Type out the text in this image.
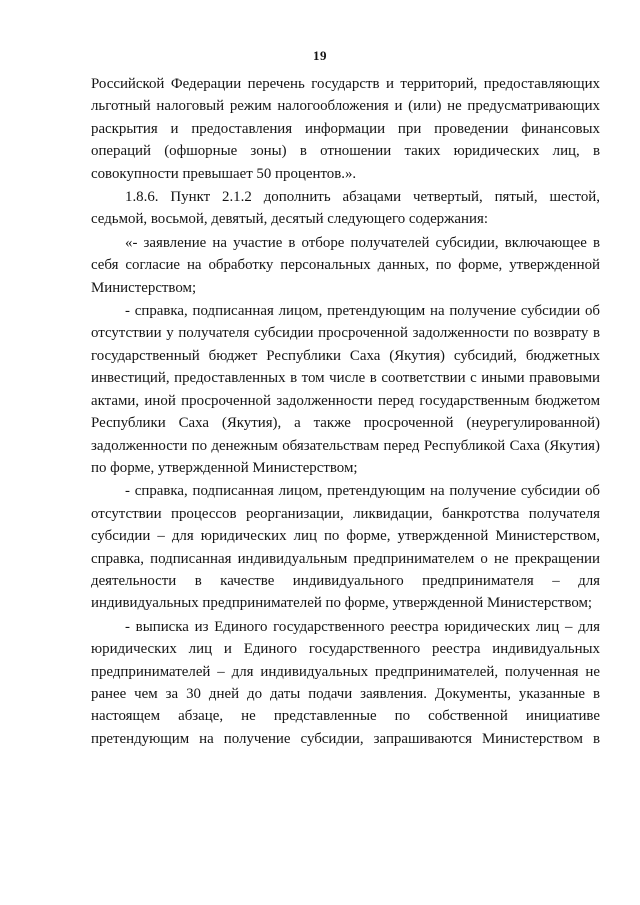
19

Российской Федерации перечень государств и территорий, предоставляющих льготный налоговый режим налогообложения и (или) не предусматривающих раскрытия и предоставления информации при проведении финансовых операций (офшорные зоны) в отношении таких юридических лиц, в совокупности превышает 50 процентов.».

1.8.6. Пункт 2.1.2 дополнить абзацами четвертый, пятый, шестой, седьмой, восьмой, девятый, десятый следующего содержания:

«- заявление на участие в отборе получателей субсидии, включающее в себя согласие на обработку персональных данных, по форме, утвержденной Министерством;

- справка, подписанная лицом, претендующим на получение субсидии об отсутствии у получателя субсидии просроченной задолженности по возврату в государственный бюджет Республики Саха (Якутия) субсидий, бюджетных инвестиций, предоставленных в том числе в соответствии с иными правовыми актами, иной просроченной задолженности перед государственным бюджетом Республики Саха (Якутия), а также просроченной (неурегулированной) задолженности по денежным обязательствам перед Республикой Саха (Якутия) по форме, утвержденной Министерством;

- справка, подписанная лицом, претендующим на получение субсидии об отсутствии процессов реорганизации, ликвидации, банкротства получателя субсидии – для юридических лиц по форме, утвержденной Министерством, справка, подписанная индивидуальным предпринимателем о не прекращении деятельности в качестве индивидуального предпринимателя – для индивидуальных предпринимателей по форме, утвержденной Министерством;

- выписка из Единого государственного реестра юридических лиц – для юридических лиц и Единого государственного реестра индивидуальных предпринимателей – для индивидуальных предпринимателей, полученная не ранее чем за 30 дней до даты подачи заявления. Документы, указанные в настоящем абзаце, не представленные по собственной инициативе претендующим на получение субсидии, запрашиваются Министерством в
